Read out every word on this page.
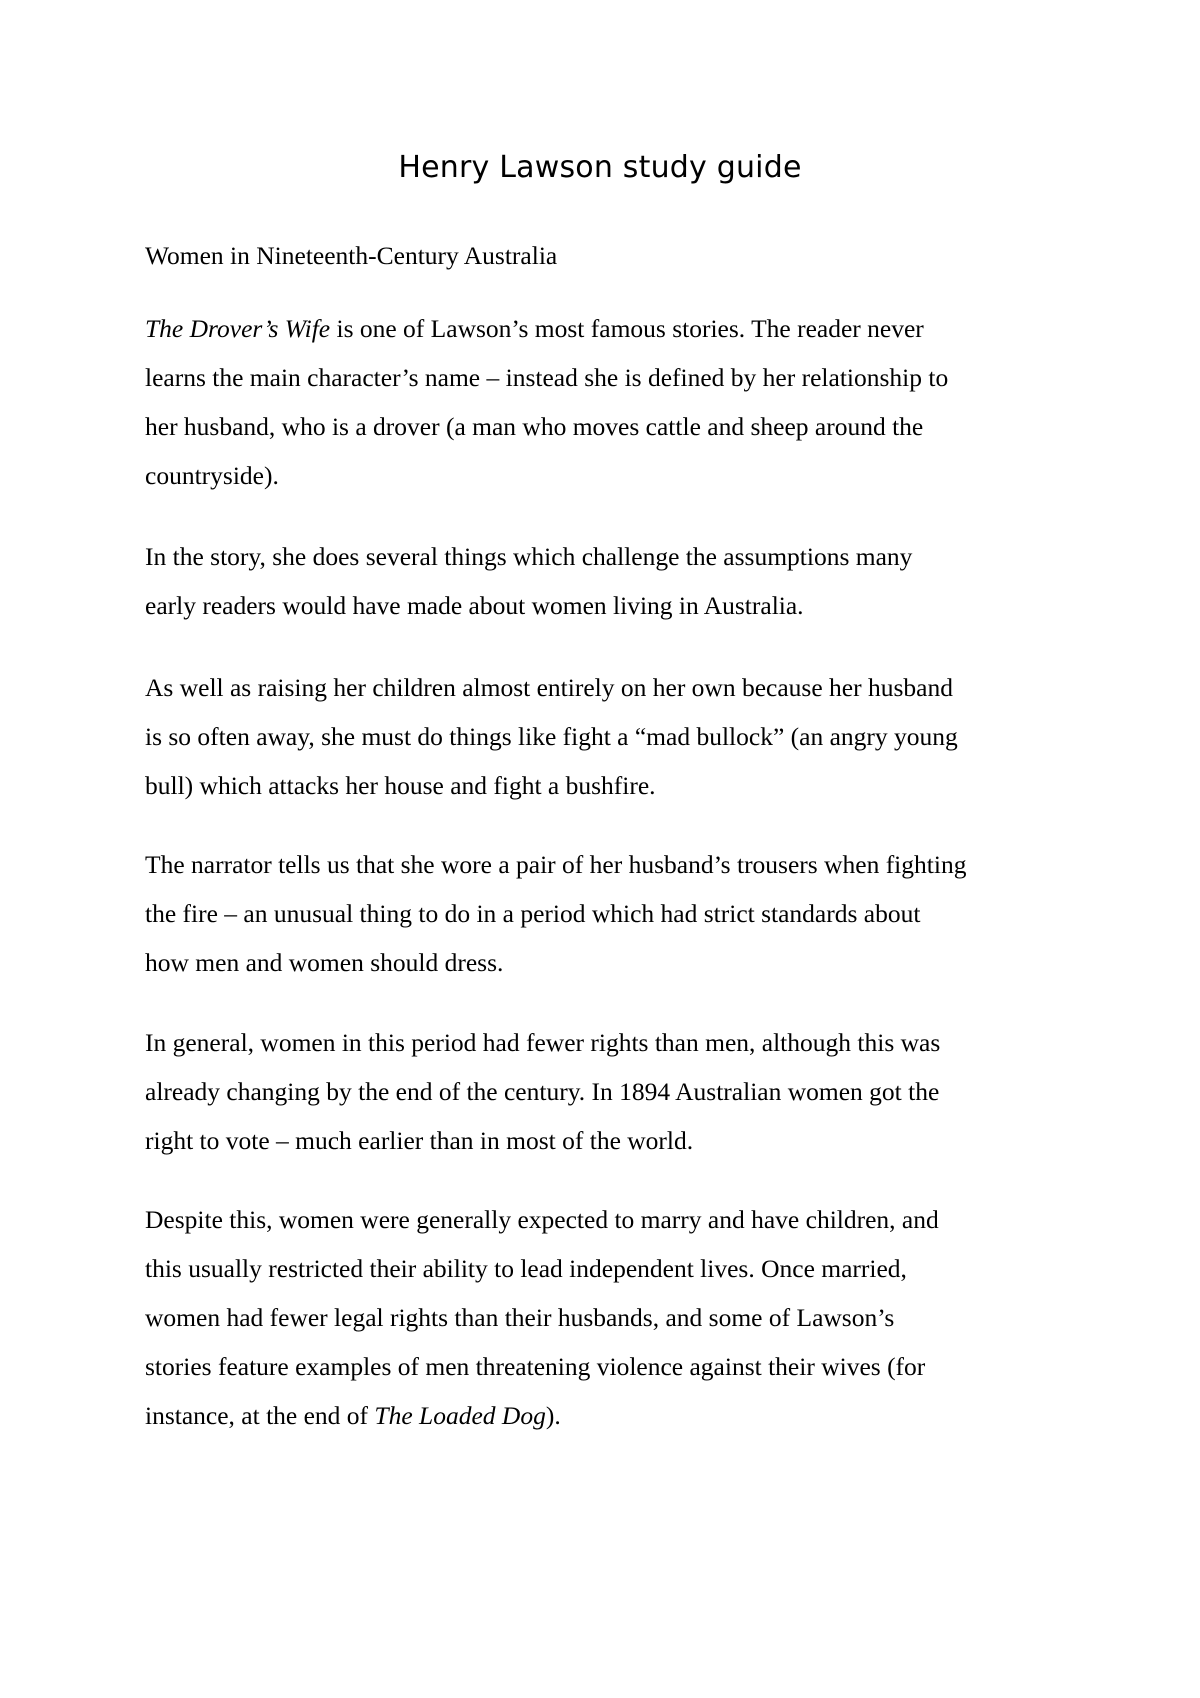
Henry Lawson study guide

Women in Nineteenth-Century Australia

The Drover’s Wife is one of Lawson’s most famous stories. The reader never
learns the main character’s name – instead she is defined by her relationship to
her husband, who is a drover (a man who moves cattle and sheep around the
countryside).
In the story, she does several things which challenge the assumptions many
early readers would have made about women living in Australia.
As well as raising her children almost entirely on her own because her husband
is so often away, she must do things like fight a “mad bullock” (an angry young
bull) which attacks her house and fight a bushfire.
The narrator tells us that she wore a pair of her husband’s trousers when fighting
the fire – an unusual thing to do in a period which had strict standards about
how men and women should dress.
In general, women in this period had fewer rights than men, although this was
already changing by the end of the century. In 1894 Australian women got the
right to vote – much earlier than in most of the world.
Despite this, women were generally expected to marry and have children, and
this usually restricted their ability to lead independent lives. Once married,
women had fewer legal rights than their husbands, and some of Lawson’s
stories feature examples of men threatening violence against their wives (for
instance, at the end of The Loaded Dog).
